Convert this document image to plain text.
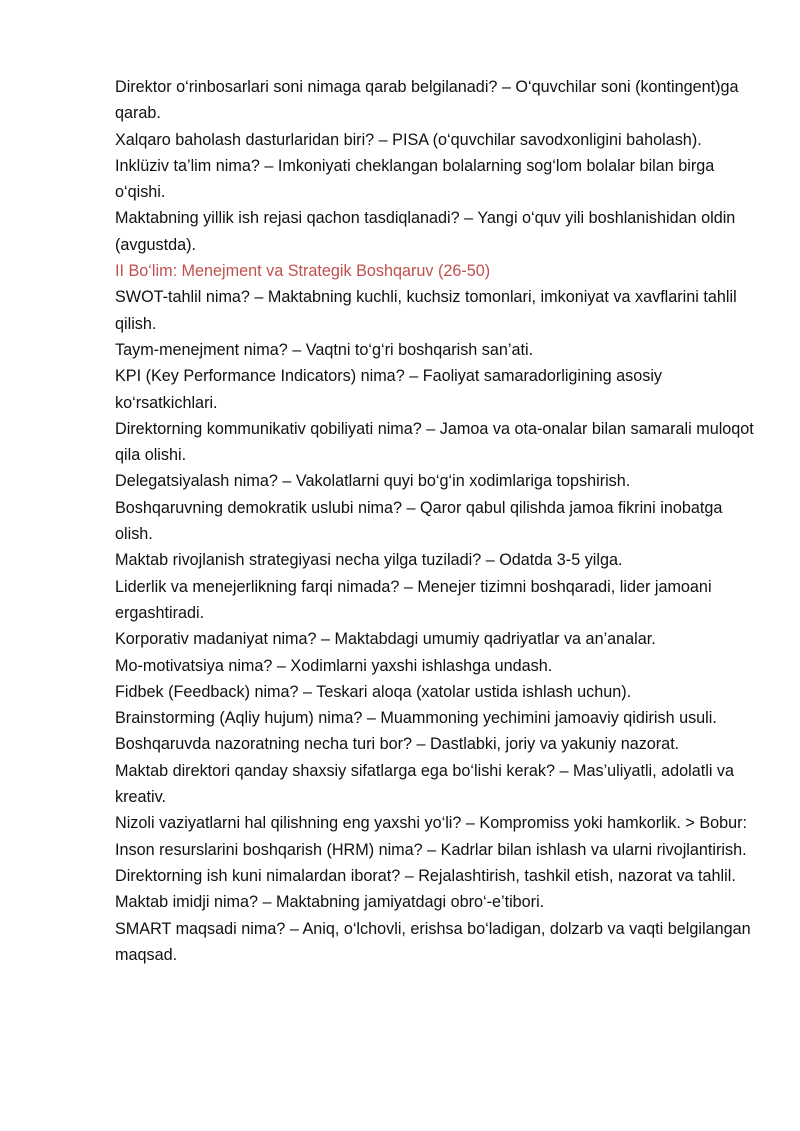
Direktor o‘rinbosarlari soni nimaga qarab belgilanadi? – O‘quvchilar soni (kontingent)ga qarab.

Xalqaro baholash dasturlaridan biri? – PISA (o‘quvchilar savodxonligini baholash).

Inklüziv ta’lim nima? – Imkoniyati cheklangan bolalarning sog‘lom bolalar bilan birga o‘qishi.

Maktabning yillik ish rejasi qachon tasdiqlanadi? – Yangi o‘quv yili boshlanishidan oldin (avgustda).

II Bo‘lim: Menejment va Strategik Boshqaruv (26-50)

SWOT-tahlil nima? – Maktabning kuchli, kuchsiz tomonlari, imkoniyat va xavflarini tahlil qilish.

Taym-menejment nima? – Vaqtni to‘g‘ri boshqarish san’ati.

KPI (Key Performance Indicators) nima? – Faoliyat samaradorligining asosiy ko‘rsatkichlari.

Direktorning kommunikativ qobiliyati nima? – Jamoa va ota-onalar bilan samarali muloqot qila olishi.

Delegatsiyalash nima? – Vakolatlarni quyi bo‘g‘in xodimlariga topshirish.

Boshqaruvning demokratik uslubi nima? – Qaror qabul qilishda jamoa fikrini inobatga olish.

Maktab rivojlanish strategiyasi necha yilga tuziladi? – Odatda 3-5 yilga.

Liderlik va menejerlikning farqi nimada? – Menejer tizimni boshqaradi, lider jamoani ergashtiradi.

Korporativ madaniyat nima? – Maktabdagi umumiy qadriyatlar va an’analar.

Mo-motivatsiya nima? – Xodimlarni yaxshi ishlashga undash.

Fidbek (Feedback) nima? – Teskari aloqa (xatolar ustida ishlash uchun).

Brainstorming (Aqliy hujum) nima? – Muammoning yechimini jamoaviy qidirish usuli.

Boshqaruvda nazoratning necha turi bor? – Dastlabki, joriy va yakuniy nazorat.

Maktab direktori qanday shaxsiy sifatlarga ega bo‘lishi kerak? – Mas’uliyatli, adolatli va kreativ.

Nizoli vaziyatlarni hal qilishning eng yaxshi yo‘li? – Kompromiss yoki hamkorlik. > Bobur: Inson resurslarini boshqarish (HRM) nima? – Kadrlar bilan ishlash va ularni rivojlantirish.

Direktorning ish kuni nimalardan iborat? – Rejalashtirish, tashkil etish, nazorat va tahlil.

Maktab imidji nima? – Maktabning jamiyatdagi obro‘-e’tibori.

SMART maqsadi nima? – Aniq, o‘lchovli, erishsa bo‘ladigan, dolzarb va vaqti belgilangan maqsad.
